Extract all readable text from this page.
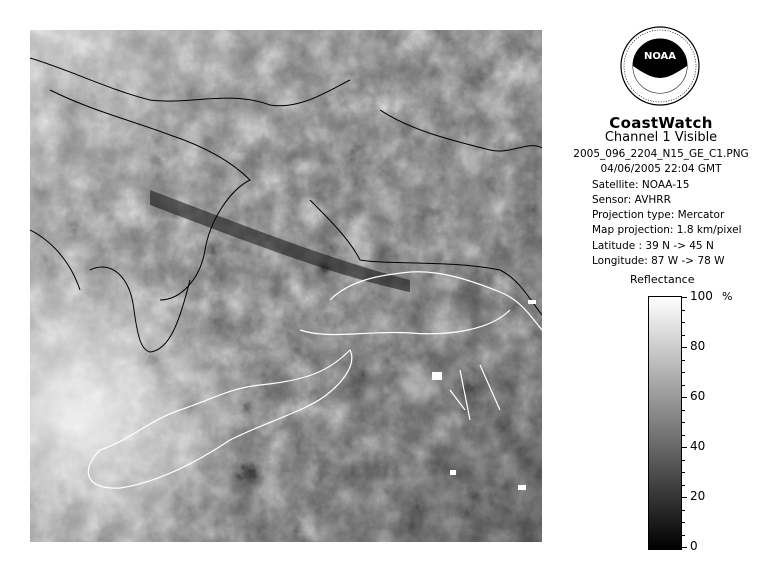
NOAA
CoastWatch
Channel 1 Visible
2005_096_2204_N15_GE_C1.PNG
04/06/2005 22:04 GMT
Satellite: NOAA-15
Sensor: AVHRR
Projection type: Mercator
Map projection: 1.8 km/pixel
Latitude : 39 N -> 45 N
Longitude: 87 W -> 78 W
Reflectance
%
100
80
60
40
20
0
